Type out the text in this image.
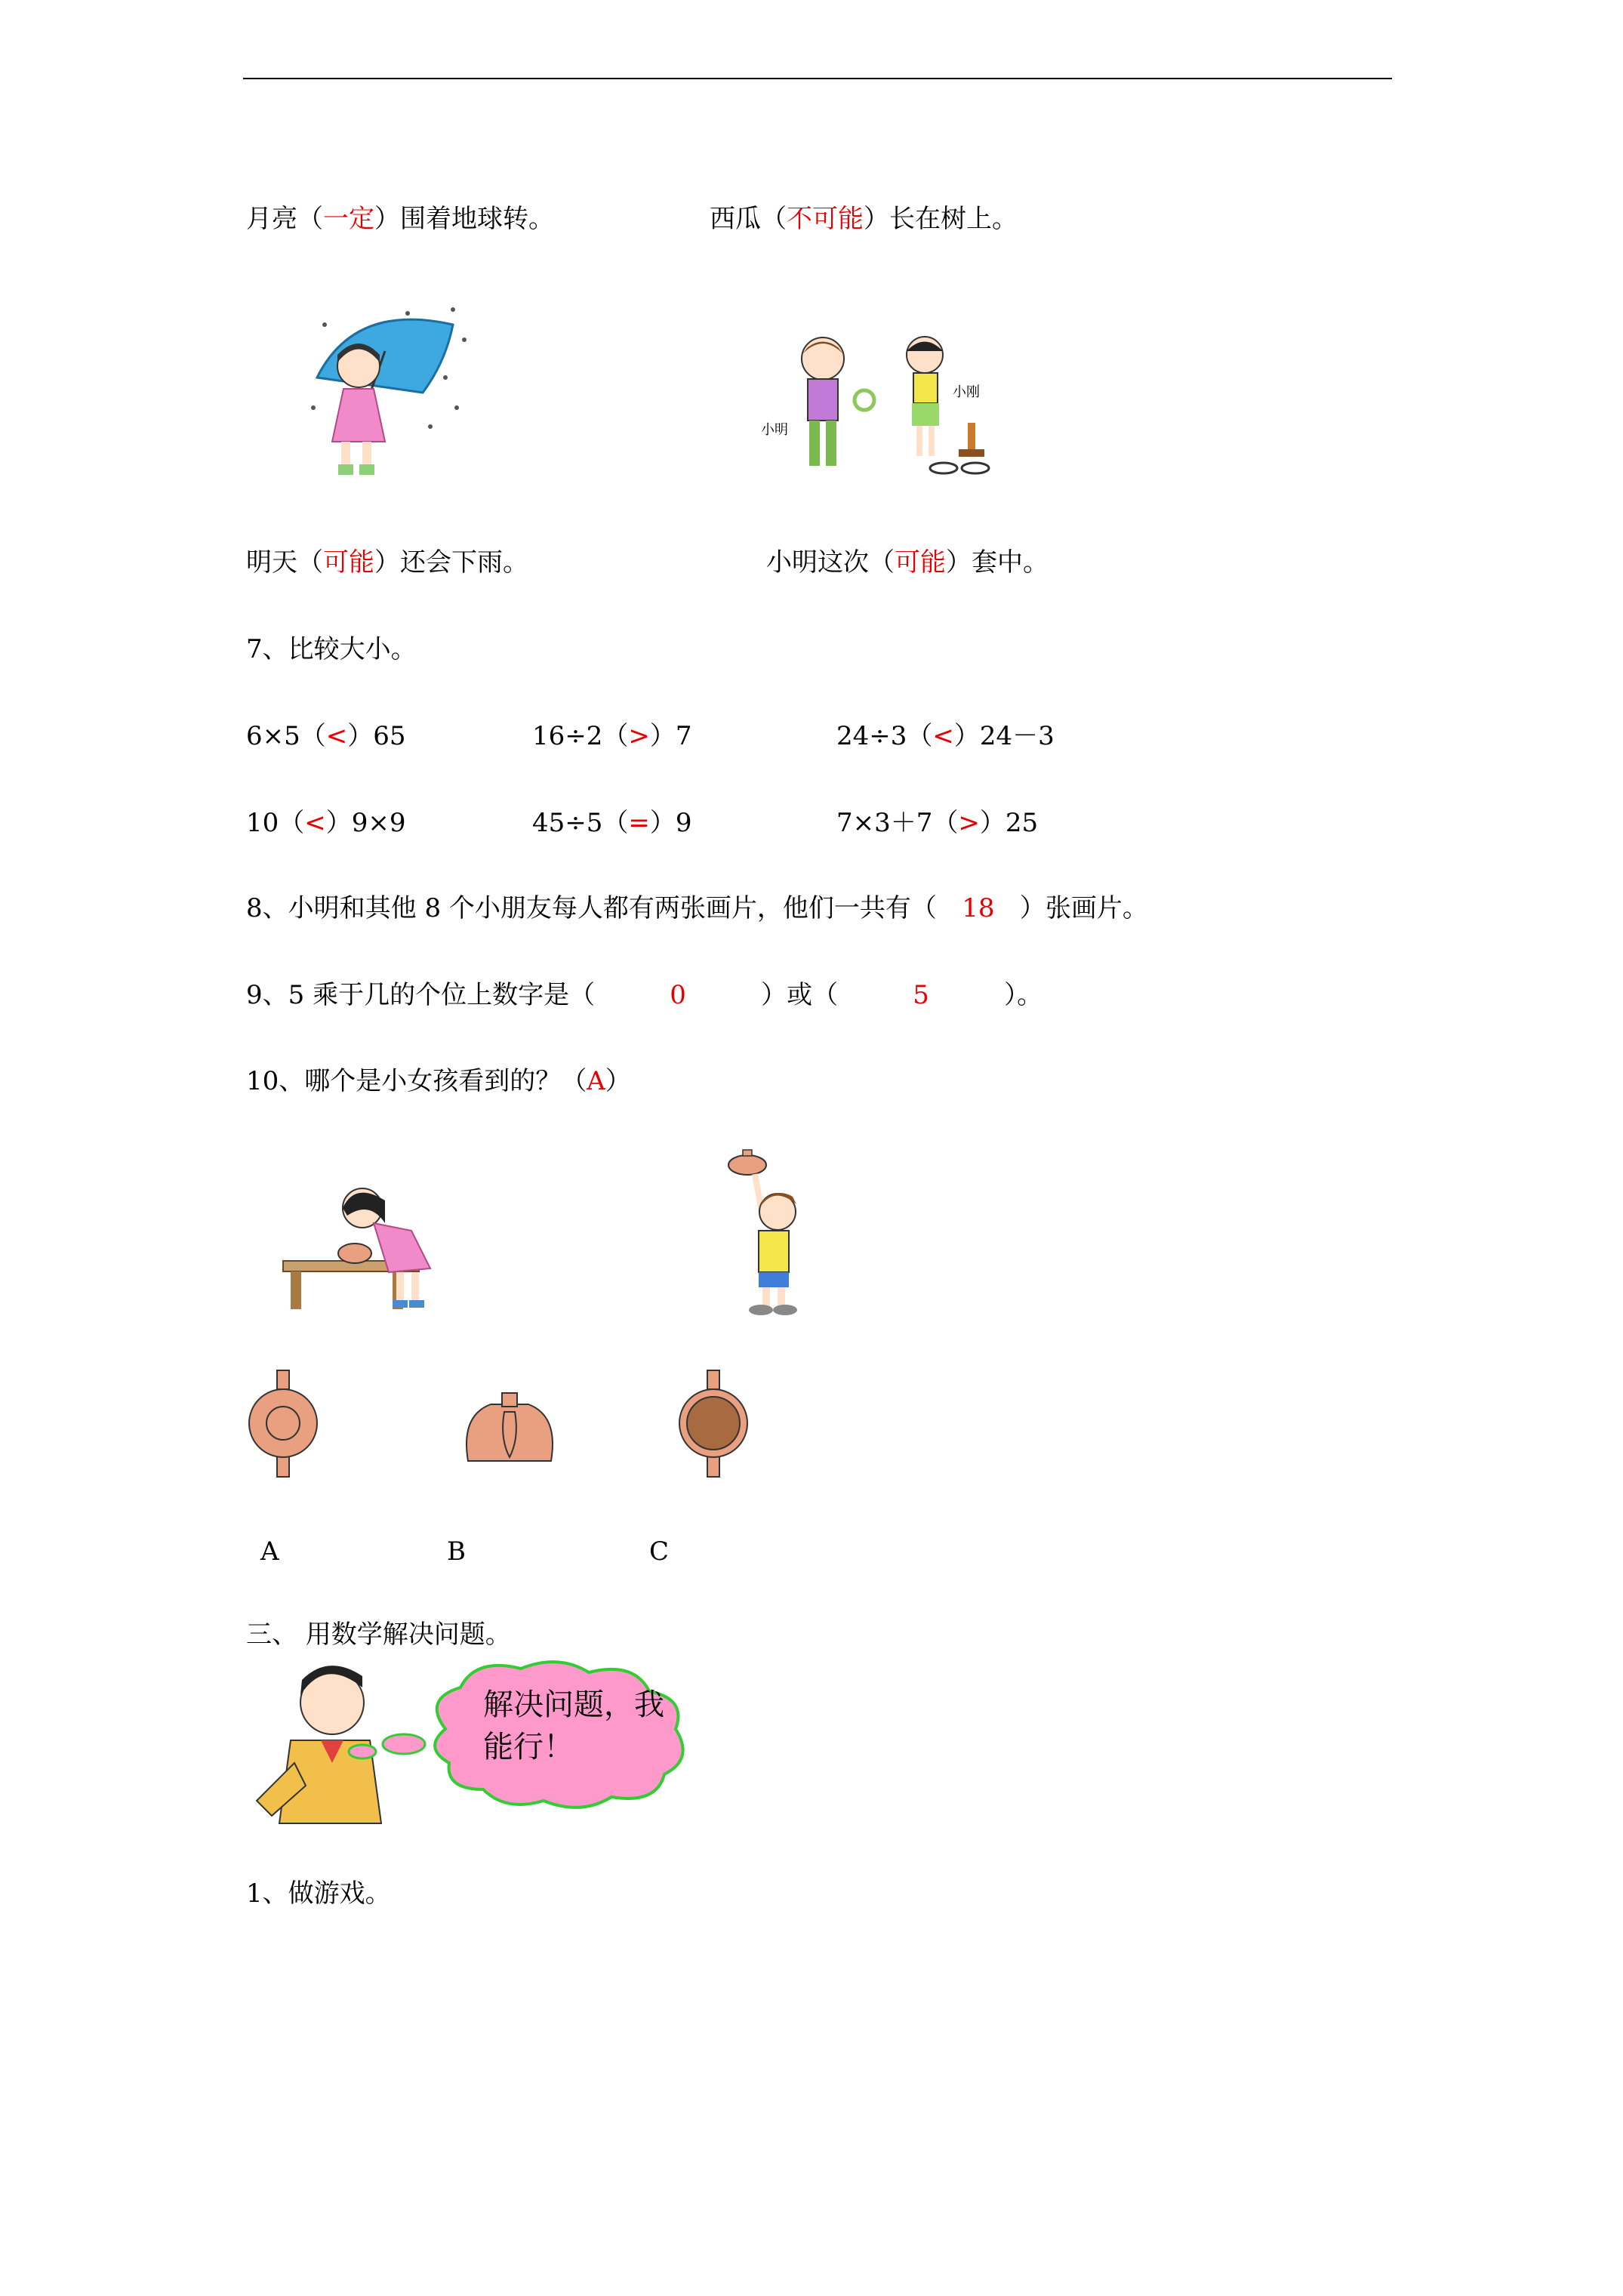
月亮（一定）围着地球转。	西瓜（不可能）长在树上。
小明
小刚
明天（可能）还会下雨。	小明这次（可能）套中。
7、比较大小。
6×5（<）65	16÷2（>）7	24÷3（<）24－3
10（<）9×9	45÷5（=）9	7×3＋7（>）25
8、小明和其他 8 个小朋友每人都有两张画片，他们一共有（ 18 ）张画片。
9、5 乘于几的个位上数字是（	0	）或（	5	）。
10、哪个是小女孩看到的？（A）
A	B	C
三、 用数学解决问题。
解决问题，我
能行！
1、做游戏。
